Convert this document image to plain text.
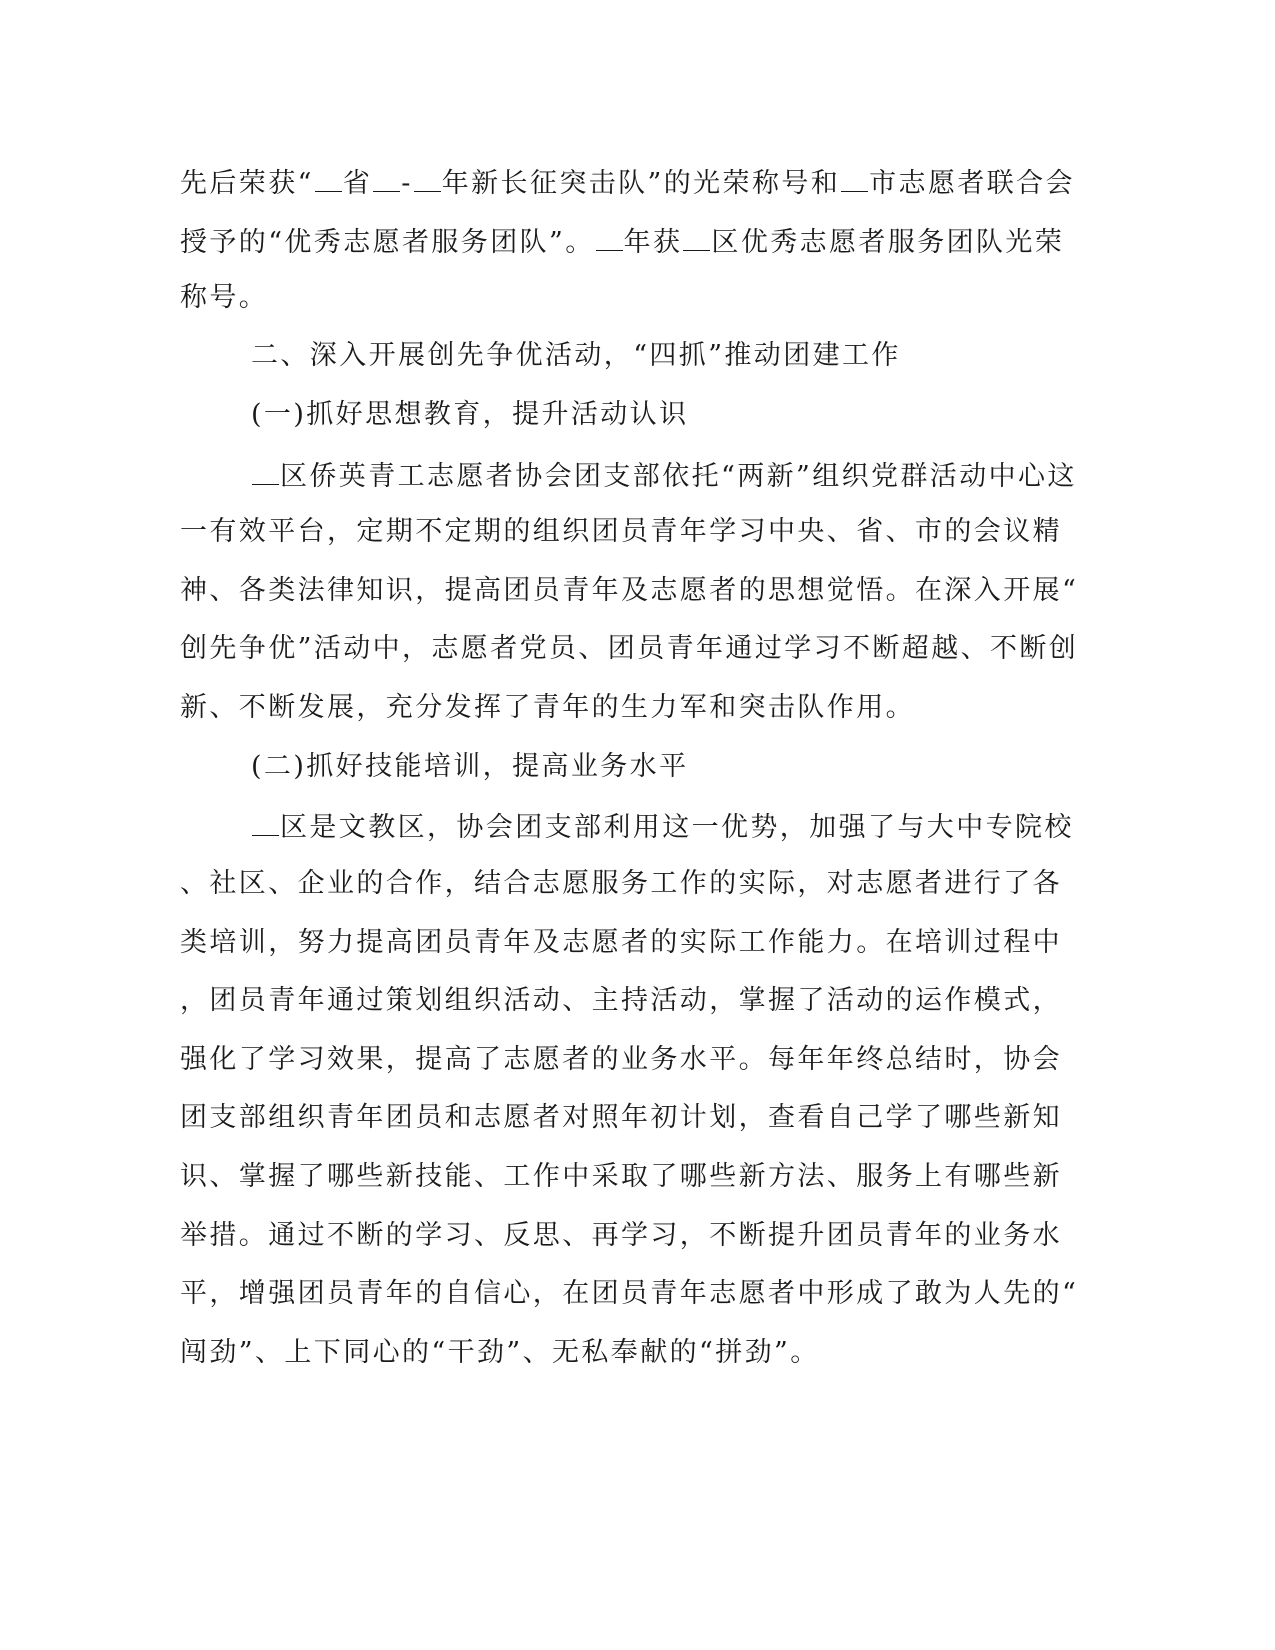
先后荣获“ 省 - 年新长征突击队”的光荣称号和 市志愿者联合会
授予的“优秀志愿者服务团队”。 年获 区优秀志愿者服务团队光荣
称号。
二、深入开展创先争优活动，“四抓”推动团建工作
(一)抓好思想教育，提升活动认识
区侨英青工志愿者协会团支部依托“两新”组织党群活动中心这
一有效平台，定期不定期的组织团员青年学习中央、省、市的会议精
神、各类法律知识，提高团员青年及志愿者的思想觉悟。在深入开展“
创先争优”活动中，志愿者党员、团员青年通过学习不断超越、不断创
新、不断发展，充分发挥了青年的生力军和突击队作用。
(二)抓好技能培训，提高业务水平
区是文教区，协会团支部利用这一优势，加强了与大中专院校
、社区、企业的合作，结合志愿服务工作的实际，对志愿者进行了各
类培训，努力提高团员青年及志愿者的实际工作能力。在培训过程中
，团员青年通过策划组织活动、主持活动，掌握了活动的运作模式，
强化了学习效果，提高了志愿者的业务水平。每年年终总结时，协会
团支部组织青年团员和志愿者对照年初计划，查看自己学了哪些新知
识、掌握了哪些新技能、工作中采取了哪些新方法、服务上有哪些新
举措。通过不断的学习、反思、再学习，不断提升团员青年的业务水
平，增强团员青年的自信心，在团员青年志愿者中形成了敢为人先的“
闯劲”、上下同心的“干劲”、无私奉献的“拼劲”。
